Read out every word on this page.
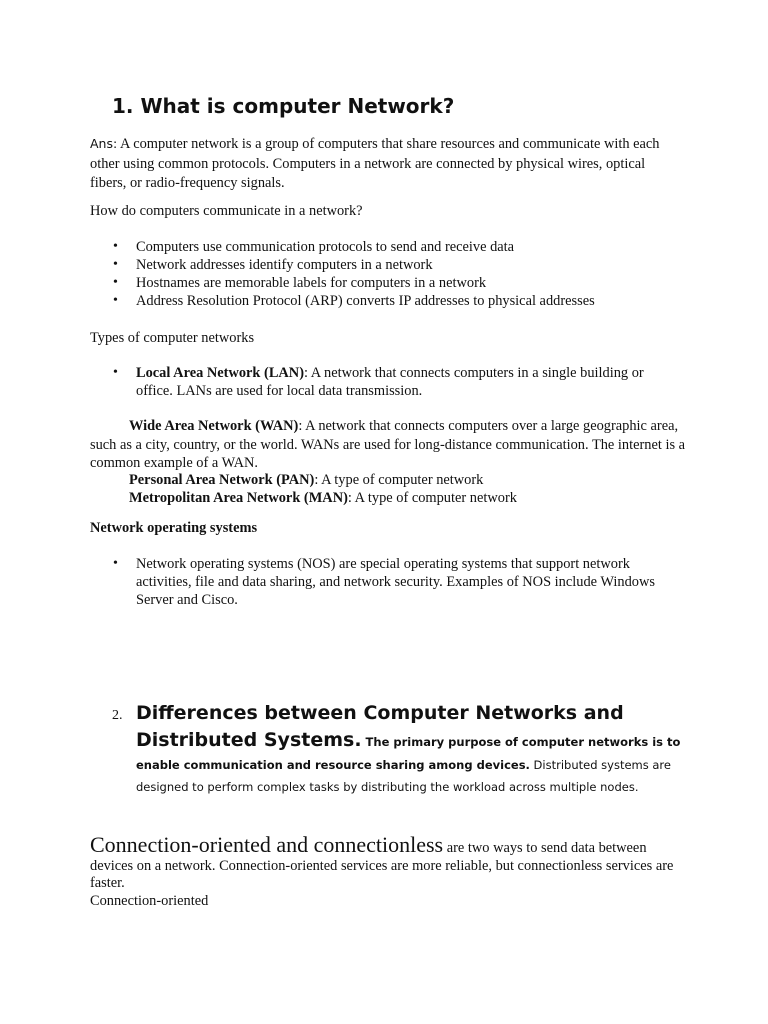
1. What is computer Network?
Ans: A computer network is a group of computers that share resources and communicate with each other using common protocols. Computers in a network are connected by physical wires, optical fibers, or radio-frequency signals.
How do computers communicate in a network?
• Computers use communication protocols to send and receive data
• Network addresses identify computers in a network
• Hostnames are memorable labels for computers in a network
• Address Resolution Protocol (ARP) converts IP addresses to physical addresses
Types of computer networks
• Local Area Network (LAN): A network that connects computers in a single building or office. LANs are used for local data transmission.
Wide Area Network (WAN): A network that connects computers over a large geographic area, such as a city, country, or the world. WANs are used for long-distance communication. The internet is a common example of a WAN.
Personal Area Network (PAN): A type of computer network
Metropolitan Area Network (MAN): A type of computer network
Network operating systems
• Network operating systems (NOS) are special operating systems that support network activities, file and data sharing, and network security. Examples of NOS include Windows Server and Cisco.
2. Differences between Computer Networks and Distributed Systems. The primary purpose of computer networks is to enable communication and resource sharing among devices. Distributed systems are designed to perform complex tasks by distributing the workload across multiple nodes.
Connection-oriented and connectionless are two ways to send data between devices on a network. Connection-oriented services are more reliable, but connectionless services are faster.
Connection-oriented
